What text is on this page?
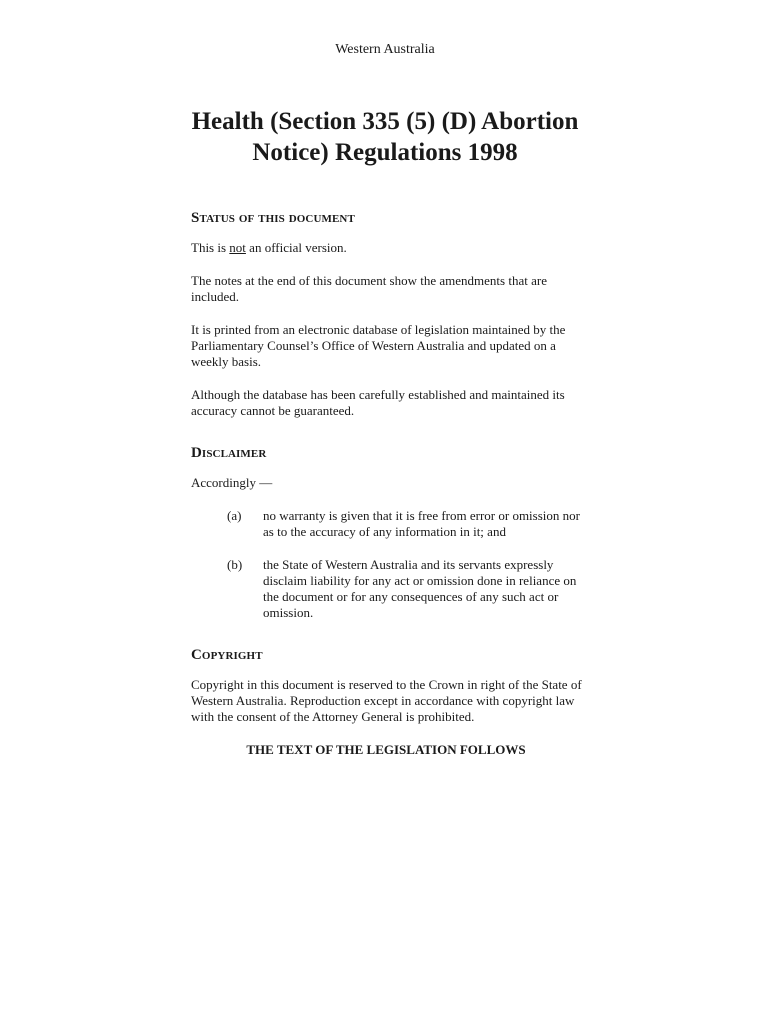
Western Australia
Health (Section 335 (5) (D) Abortion
Notice) Regulations 1998
Status of this document

This is not an official version.

The notes at the end of this document show the amendments that are included.

It is printed from an electronic database of legislation maintained by the Parliamentary Counsel’s Office of Western Australia and updated on a weekly basis.

Although the database has been carefully established and maintained its accuracy cannot be guaranteed.

Disclaimer

Accordingly —

(a)	no warranty is given that it is free from error or omission nor as to the accuracy of any information in it; and
(b)	the State of Western Australia and its servants expressly disclaim liability for any act or omission done in reliance on the document or for any consequences of any such act or omission.
Copyright

Copyright in this document is reserved to the Crown in right of the State of Western Australia. Reproduction except in accordance with copyright law with the consent of the Attorney General is prohibited.

THE TEXT OF THE LEGISLATION FOLLOWS
